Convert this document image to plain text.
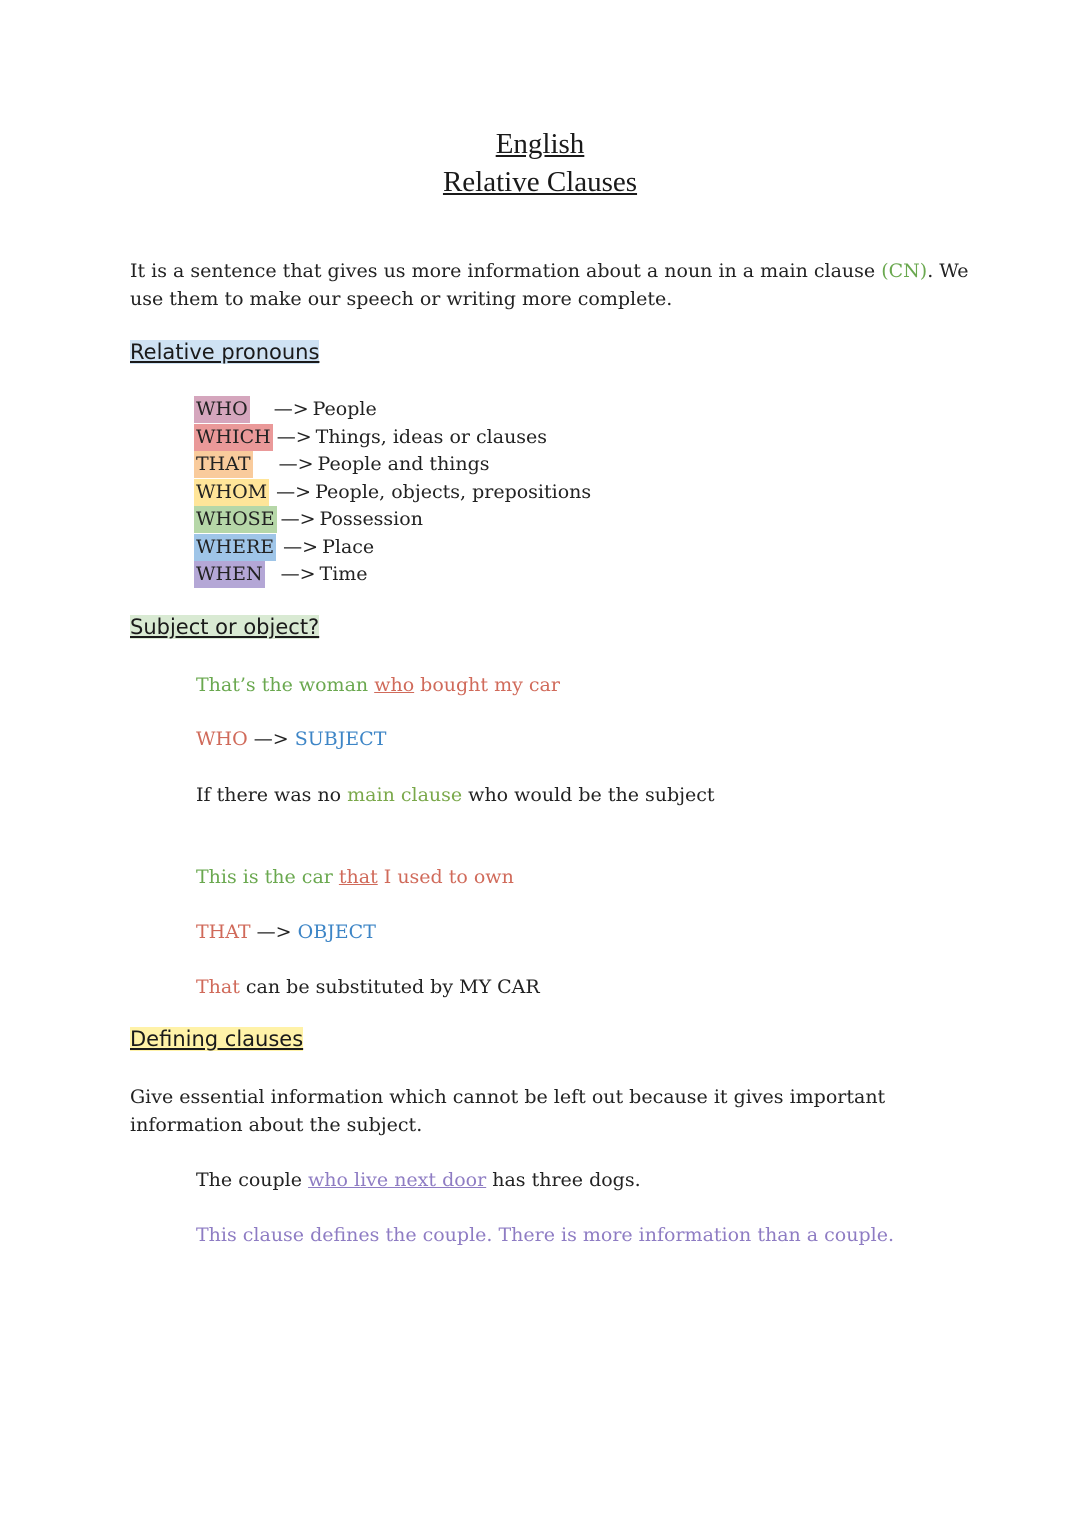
English
Relative Clauses
It is a sentence that gives us more information about a noun in a main clause (CN). We
use them to make our speech or writing more complete.
Relative pronouns
WHO —> People
WHICH —> Things, ideas or clauses
THAT —> People and things
WHOM —> People, objects, prepositions
WHOSE —> Possession
WHERE —> Place
WHEN —> Time
Subject or object?
That’s the woman who bought my car
WHO —> SUBJECT
If there was no main clause who would be the subject
This is the car that I used to own
THAT —> OBJECT
That can be substituted by MY CAR
Defining clauses
Give essential information which cannot be left out because it gives important
information about the subject.
The couple who live next door has three dogs.
This clause defines the couple. There is more information than a couple.
